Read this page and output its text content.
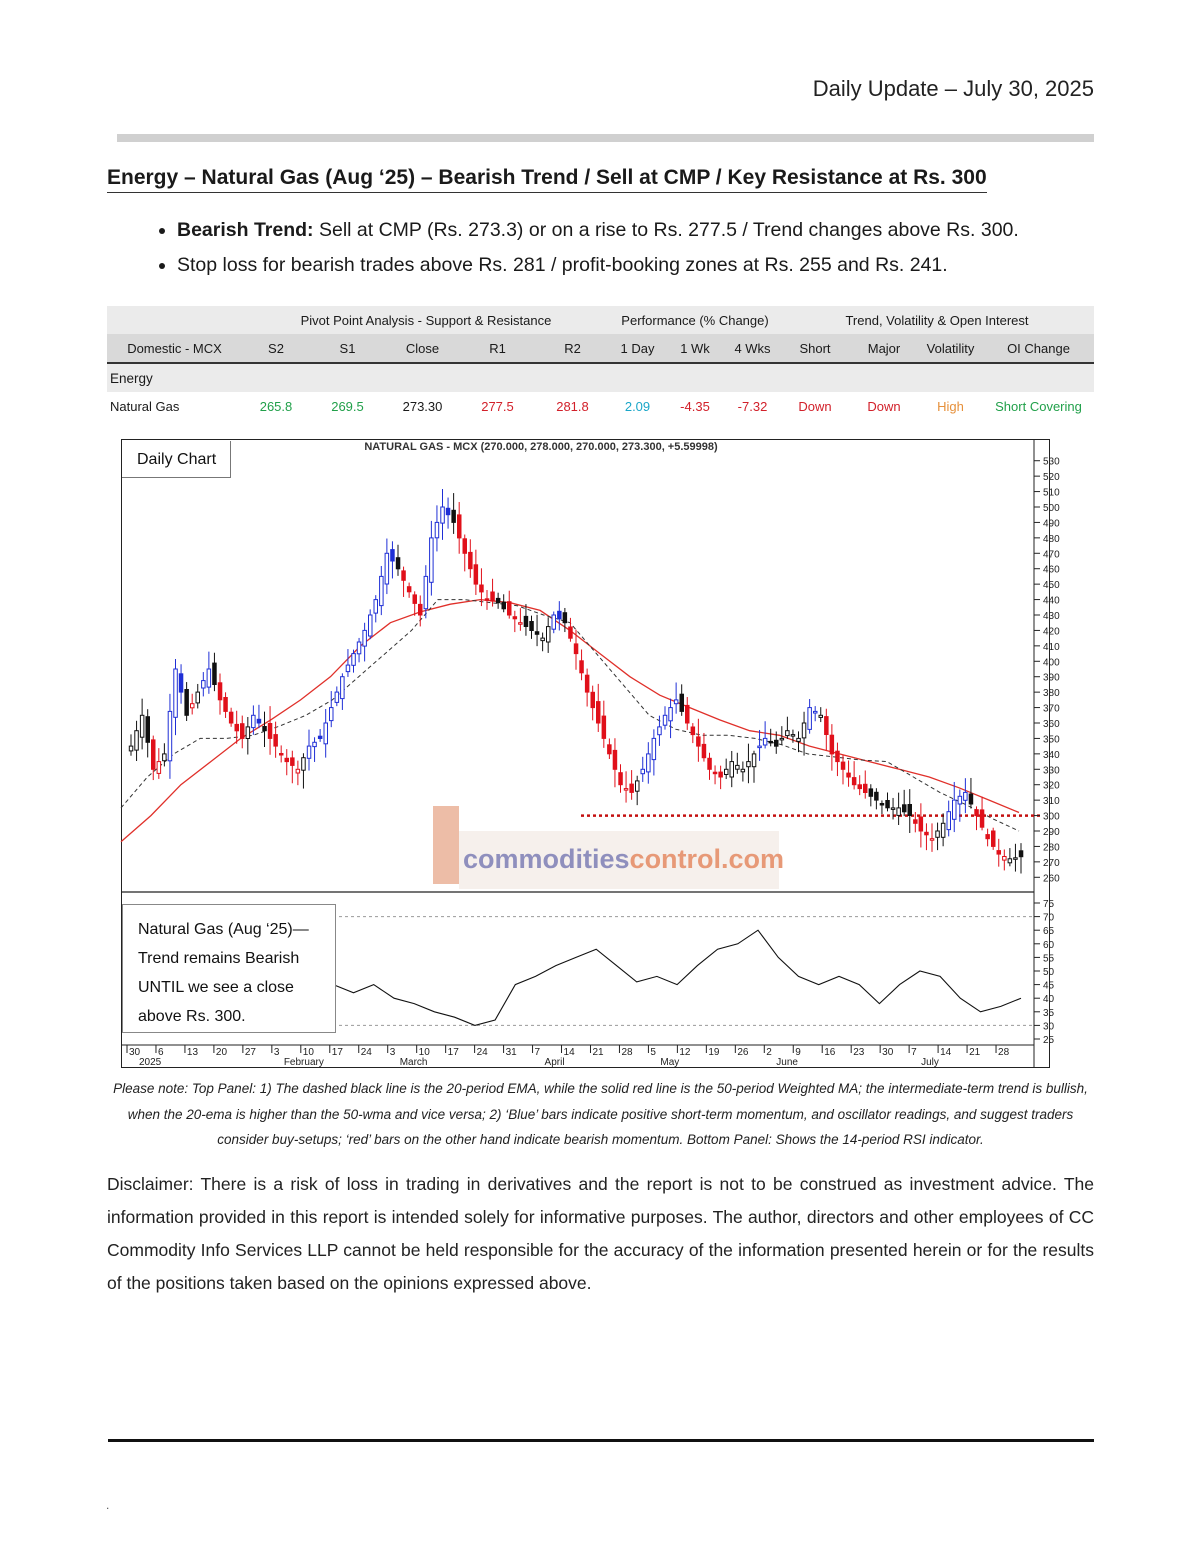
Daily Update – July 30, 2025
Energy – Natural Gas (Aug ‘25) – Bearish Trend / Sell at CMP / Key Resistance at Rs. 300
• Bearish Trend: Sell at CMP (Rs. 273.3) or on a rise to Rs. 277.5 / Trend changes above Rs. 300.
• Stop loss for bearish trades above Rs. 281 / profit-booking zones at Rs. 255 and Rs. 241.
	Pivot Point Analysis - Support & Resistance					Performance (% Change)			Trend, Volatility & Open Interest			
Domestic - MCX	S2	S1	Close	R1	R2	1 Day	1 Wk	4 Wks	Short	Major	Volatility	OI Change
Energy												
Natural Gas	265.8	269.5	273.30	277.5	281.8	2.09	-4.35	-7.32	Down	Down	High	Short Covering
NATURAL GAS - MCX (270.000, 278.000, 270.000, 273.300, +5.59998)
commoditiescontrol.com
530
520
510
500
490
480
470
460
450
440
430
420
410
400
390
380
370
360
350
340
330
320
310
300
290
280
270
260
75
70
65
60
55
50
45
40
35
30
25
30 6 13 20 27 3 10 17 24 3 10 17 24 31 7 14 21 28 5 12 19 26 2 9 16 23 30 7 14 21 28
2025	February	March	April	May	June	July
Daily Chart
Natural Gas (Aug ‘25)— Trend remains Bearish UNTIL we see a close above Rs. 300.
Please note: Top Panel: 1) The dashed black line is the 20-period EMA, while the solid red line is the 50-period Weighted MA; the intermediate-term trend is bullish, when the 20-ema is higher than the 50-wma and vice versa; 2) ‘Blue’ bars indicate positive short-term momentum, and oscillator readings, and suggest traders consider buy-setups; ‘red’ bars on the other hand indicate bearish momentum. Bottom Panel: Shows the 14-period RSI indicator.
Disclaimer: There is a risk of loss in trading in derivatives and the report is not to be construed as investment advice. The information provided in this report is intended solely for informative purposes. The author, directors and other employees of CC Commodity Info Services LLP cannot be held responsible for the accuracy of the information presented herein or for the results of the positions taken based on the opinions expressed above.
.
